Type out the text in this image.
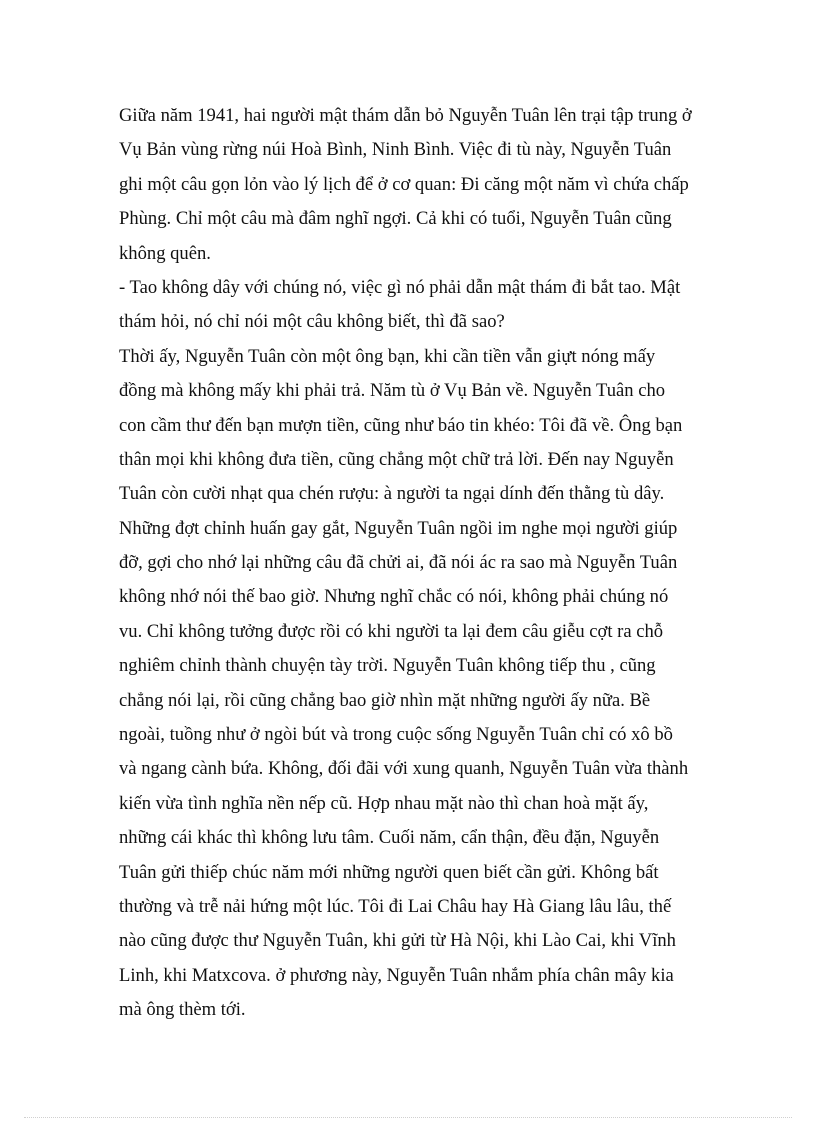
Giữa năm 1941, hai người mật thám dẫn bỏ Nguyễn Tuân lên trại tập trung ở
Vụ Bản vùng rừng núi Hoà Bình, Ninh Bình. Việc đi tù này, Nguyễn Tuân
ghi một câu gọn lỏn vào lý lịch để ở cơ quan: Đi căng một năm vì chứa chấp
Phùng. Chỉ một câu mà đâm nghĩ ngợi. Cả khi có tuổi, Nguyễn Tuân cũng
không quên.
- Tao không dây với chúng nó, việc gì nó phải dẫn mật thám đi bắt tao. Mật
thám hỏi, nó chỉ nói một câu không biết, thì đã sao?
Thời ấy, Nguyễn Tuân còn một ông bạn, khi cần tiền vẫn giựt nóng mấy
đồng mà không mấy khi phải trả. Năm tù ở Vụ Bản về. Nguyễn Tuân cho
con cầm thư đến bạn mượn tiền, cũng như báo tin khéo: Tôi đã về. Ông bạn
thân mọi khi không đưa tiền, cũng chẳng một chữ trả lời. Đến nay Nguyễn
Tuân còn cười nhạt qua chén rượu: à người ta ngại dính đến thằng tù dây.
Những đợt chỉnh huấn gay gắt, Nguyễn Tuân ngồi im nghe mọi người giúp
đỡ, gợi cho nhớ lại những câu đã chửi ai, đã nói ác ra sao mà Nguyễn Tuân
không nhớ nói thế bao giờ. Nhưng nghĩ chắc có nói, không phải chúng nó
vu. Chỉ không tưởng được rồi có khi người ta lại đem câu giễu cợt ra chỗ
nghiêm chỉnh thành chuyện tày trời. Nguyễn Tuân không tiếp thu , cũng
chẳng nói lại, rồi cũng chẳng bao giờ nhìn mặt những người ấy nữa. Bề
ngoài, tuồng như ở ngòi bút và trong cuộc sống Nguyễn Tuân chỉ có xô bồ
và ngang cành bứa. Không, đối đãi với xung quanh, Nguyễn Tuân vừa thành
kiến vừa tình nghĩa nền nếp cũ. Hợp nhau mặt nào thì chan hoà mặt ấy,
những cái khác thì không lưu tâm. Cuối năm, cẩn thận, đều đặn, Nguyễn
Tuân gửi thiếp chúc năm mới những người quen biết cần gửi. Không bất
thường và trễ nải hứng một lúc. Tôi đi Lai Châu hay Hà Giang lâu lâu, thế
nào cũng được thư Nguyễn Tuân, khi gửi từ Hà Nội, khi Lào Cai, khi Vĩnh
Linh, khi Matxcova. ở phương này, Nguyễn Tuân nhắm phía chân mây kia
mà ông thèm tới.
